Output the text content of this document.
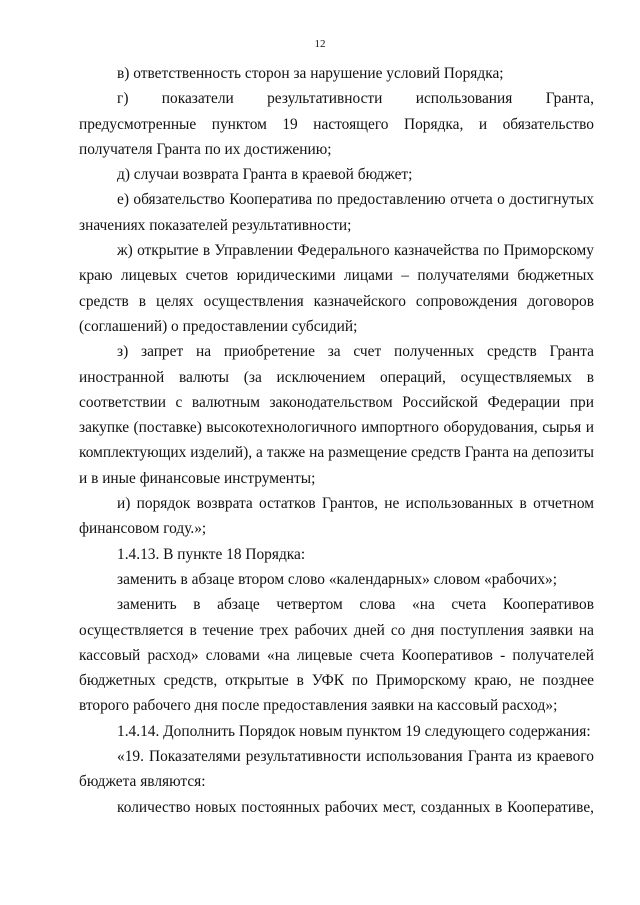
12

в) ответственность сторон за нарушение условий Порядка;

г) показатели результативности использования Гранта, предусмотренные пунктом 19 настоящего Порядка, и обязательство получателя Гранта по их достижению;

д) случаи возврата Гранта в краевой бюджет;

е) обязательство Кооператива по предоставлению отчета о достигнутых значениях показателей результативности;

ж) открытие в Управлении Федерального казначейства по Приморскому краю лицевых счетов юридическими лицами – получателями бюджетных средств в целях осуществления казначейского сопровождения договоров (соглашений) о предоставлении субсидий;

з) запрет на приобретение за счет полученных средств Гранта иностранной валюты (за исключением операций, осуществляемых в соответствии с валютным законодательством Российской Федерации при закупке (поставке) высокотехнологичного импортного оборудования, сырья и комплектующих изделий), а также на размещение средств Гранта на депозиты и в иные финансовые инструменты;

и) порядок возврата остатков Грантов, не использованных в отчетном финансовом году.»;

1.4.13. В пункте 18 Порядка:

заменить в абзаце втором слово «календарных» словом «рабочих»;

заменить в абзаце четвертом слова «на счета Кооперативов осуществляется в течение трех рабочих дней со дня поступления заявки на кассовый расход» словами «на лицевые счета Кооперативов - получателей бюджетных средств, открытые в УФК по Приморскому краю, не позднее второго рабочего дня после предоставления заявки на кассовый расход»;

1.4.14. Дополнить Порядок новым пунктом 19 следующего содержания:

«19. Показателями результативности использования Гранта из краевого бюджета являются:

количество новых постоянных рабочих мест, созданных в Кооперативе,
